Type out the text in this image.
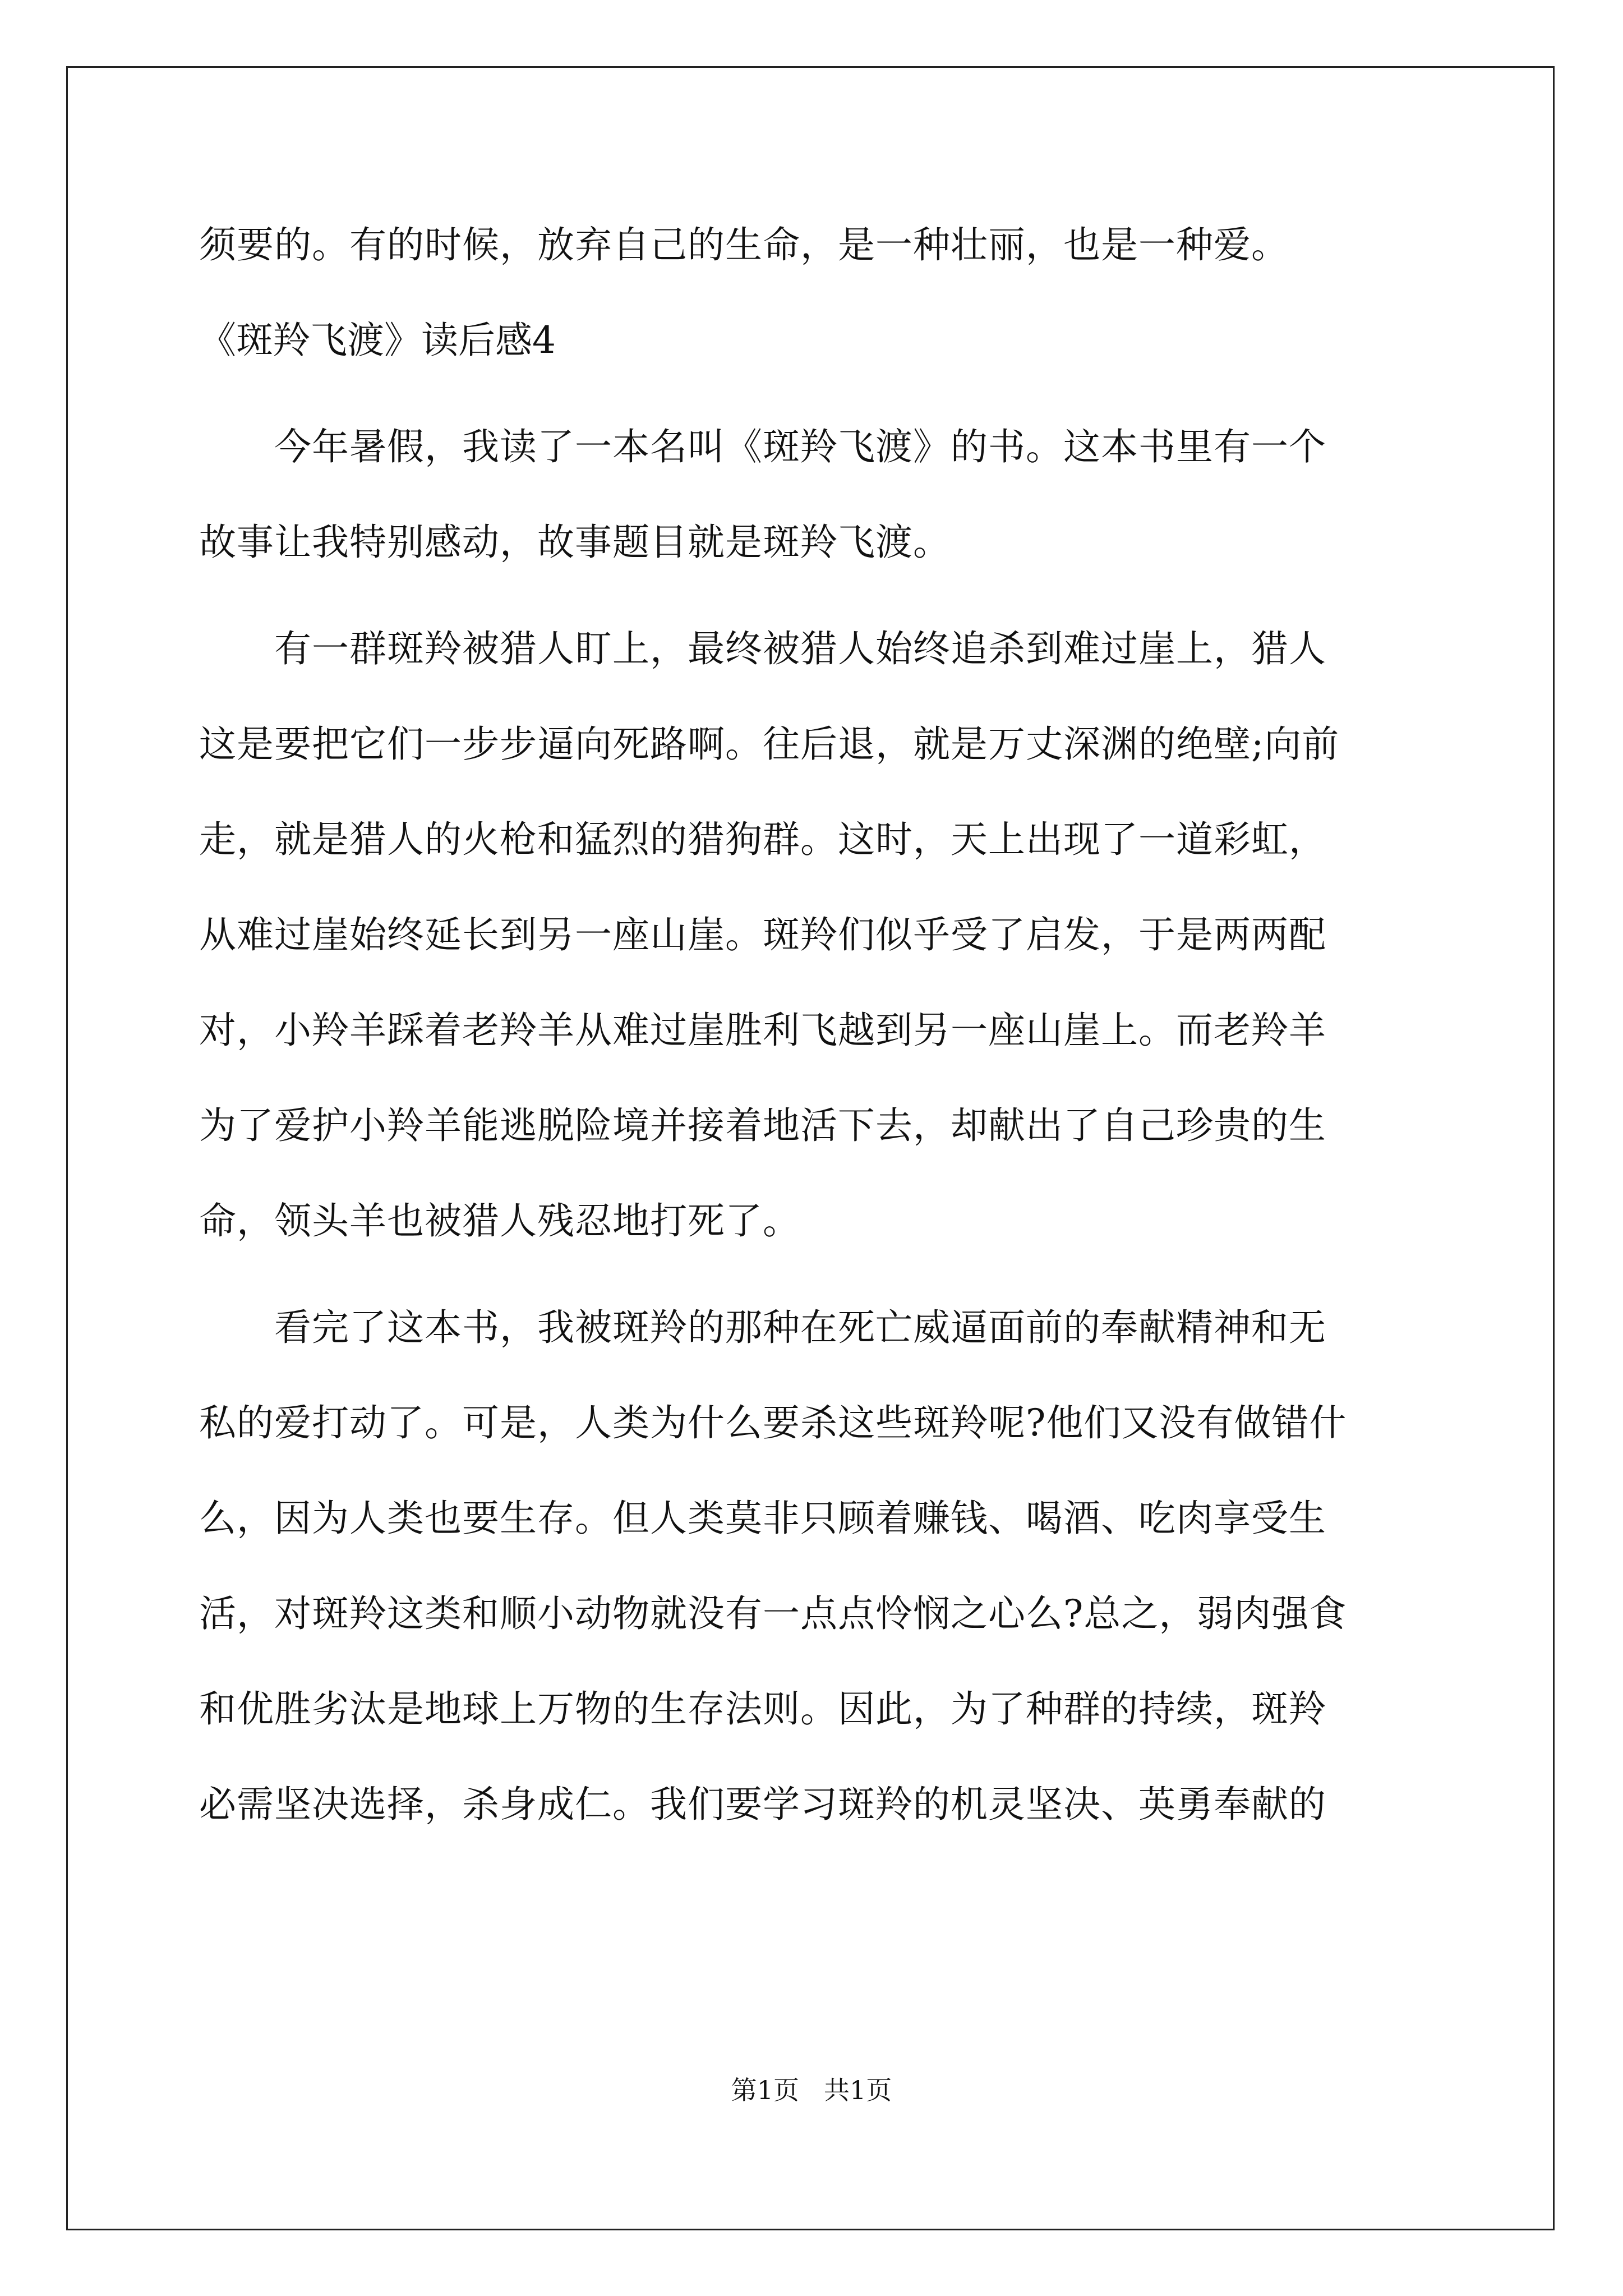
须要的。有的时候，放弃自己的生命，是一种壮丽，也是一种爱。
《斑羚飞渡》读后感4
今年暑假，我读了一本名叫《斑羚飞渡》的书。这本书里有一个
故事让我特别感动，故事题目就是斑羚飞渡。
有一群斑羚被猎人盯上，最终被猎人始终追杀到难过崖上，猎人
这是要把它们一步步逼向死路啊。往后退，就是万丈深渊的绝壁;向前
走，就是猎人的火枪和猛烈的猎狗群。这时，天上出现了一道彩虹，
从难过崖始终延长到另一座山崖。斑羚们似乎受了启发，于是两两配
对，小羚羊踩着老羚羊从难过崖胜利飞越到另一座山崖上。而老羚羊
为了爱护小羚羊能逃脱险境并接着地活下去，却献出了自己珍贵的生
命，领头羊也被猎人残忍地打死了。
看完了这本书，我被斑羚的那种在死亡威逼面前的奉献精神和无
私的爱打动了。可是，人类为什么要杀这些斑羚呢?他们又没有做错什
么，因为人类也要生存。但人类莫非只顾着赚钱、喝酒、吃肉享受生
活，对斑羚这类和顺小动物就没有一点点怜悯之心么?总之，弱肉强食
和优胜劣汰是地球上万物的生存法则。因此，为了种群的持续，斑羚
必需坚决选择，杀身成仁。我们要学习斑羚的机灵坚决、英勇奉献的
第1页 共1页
